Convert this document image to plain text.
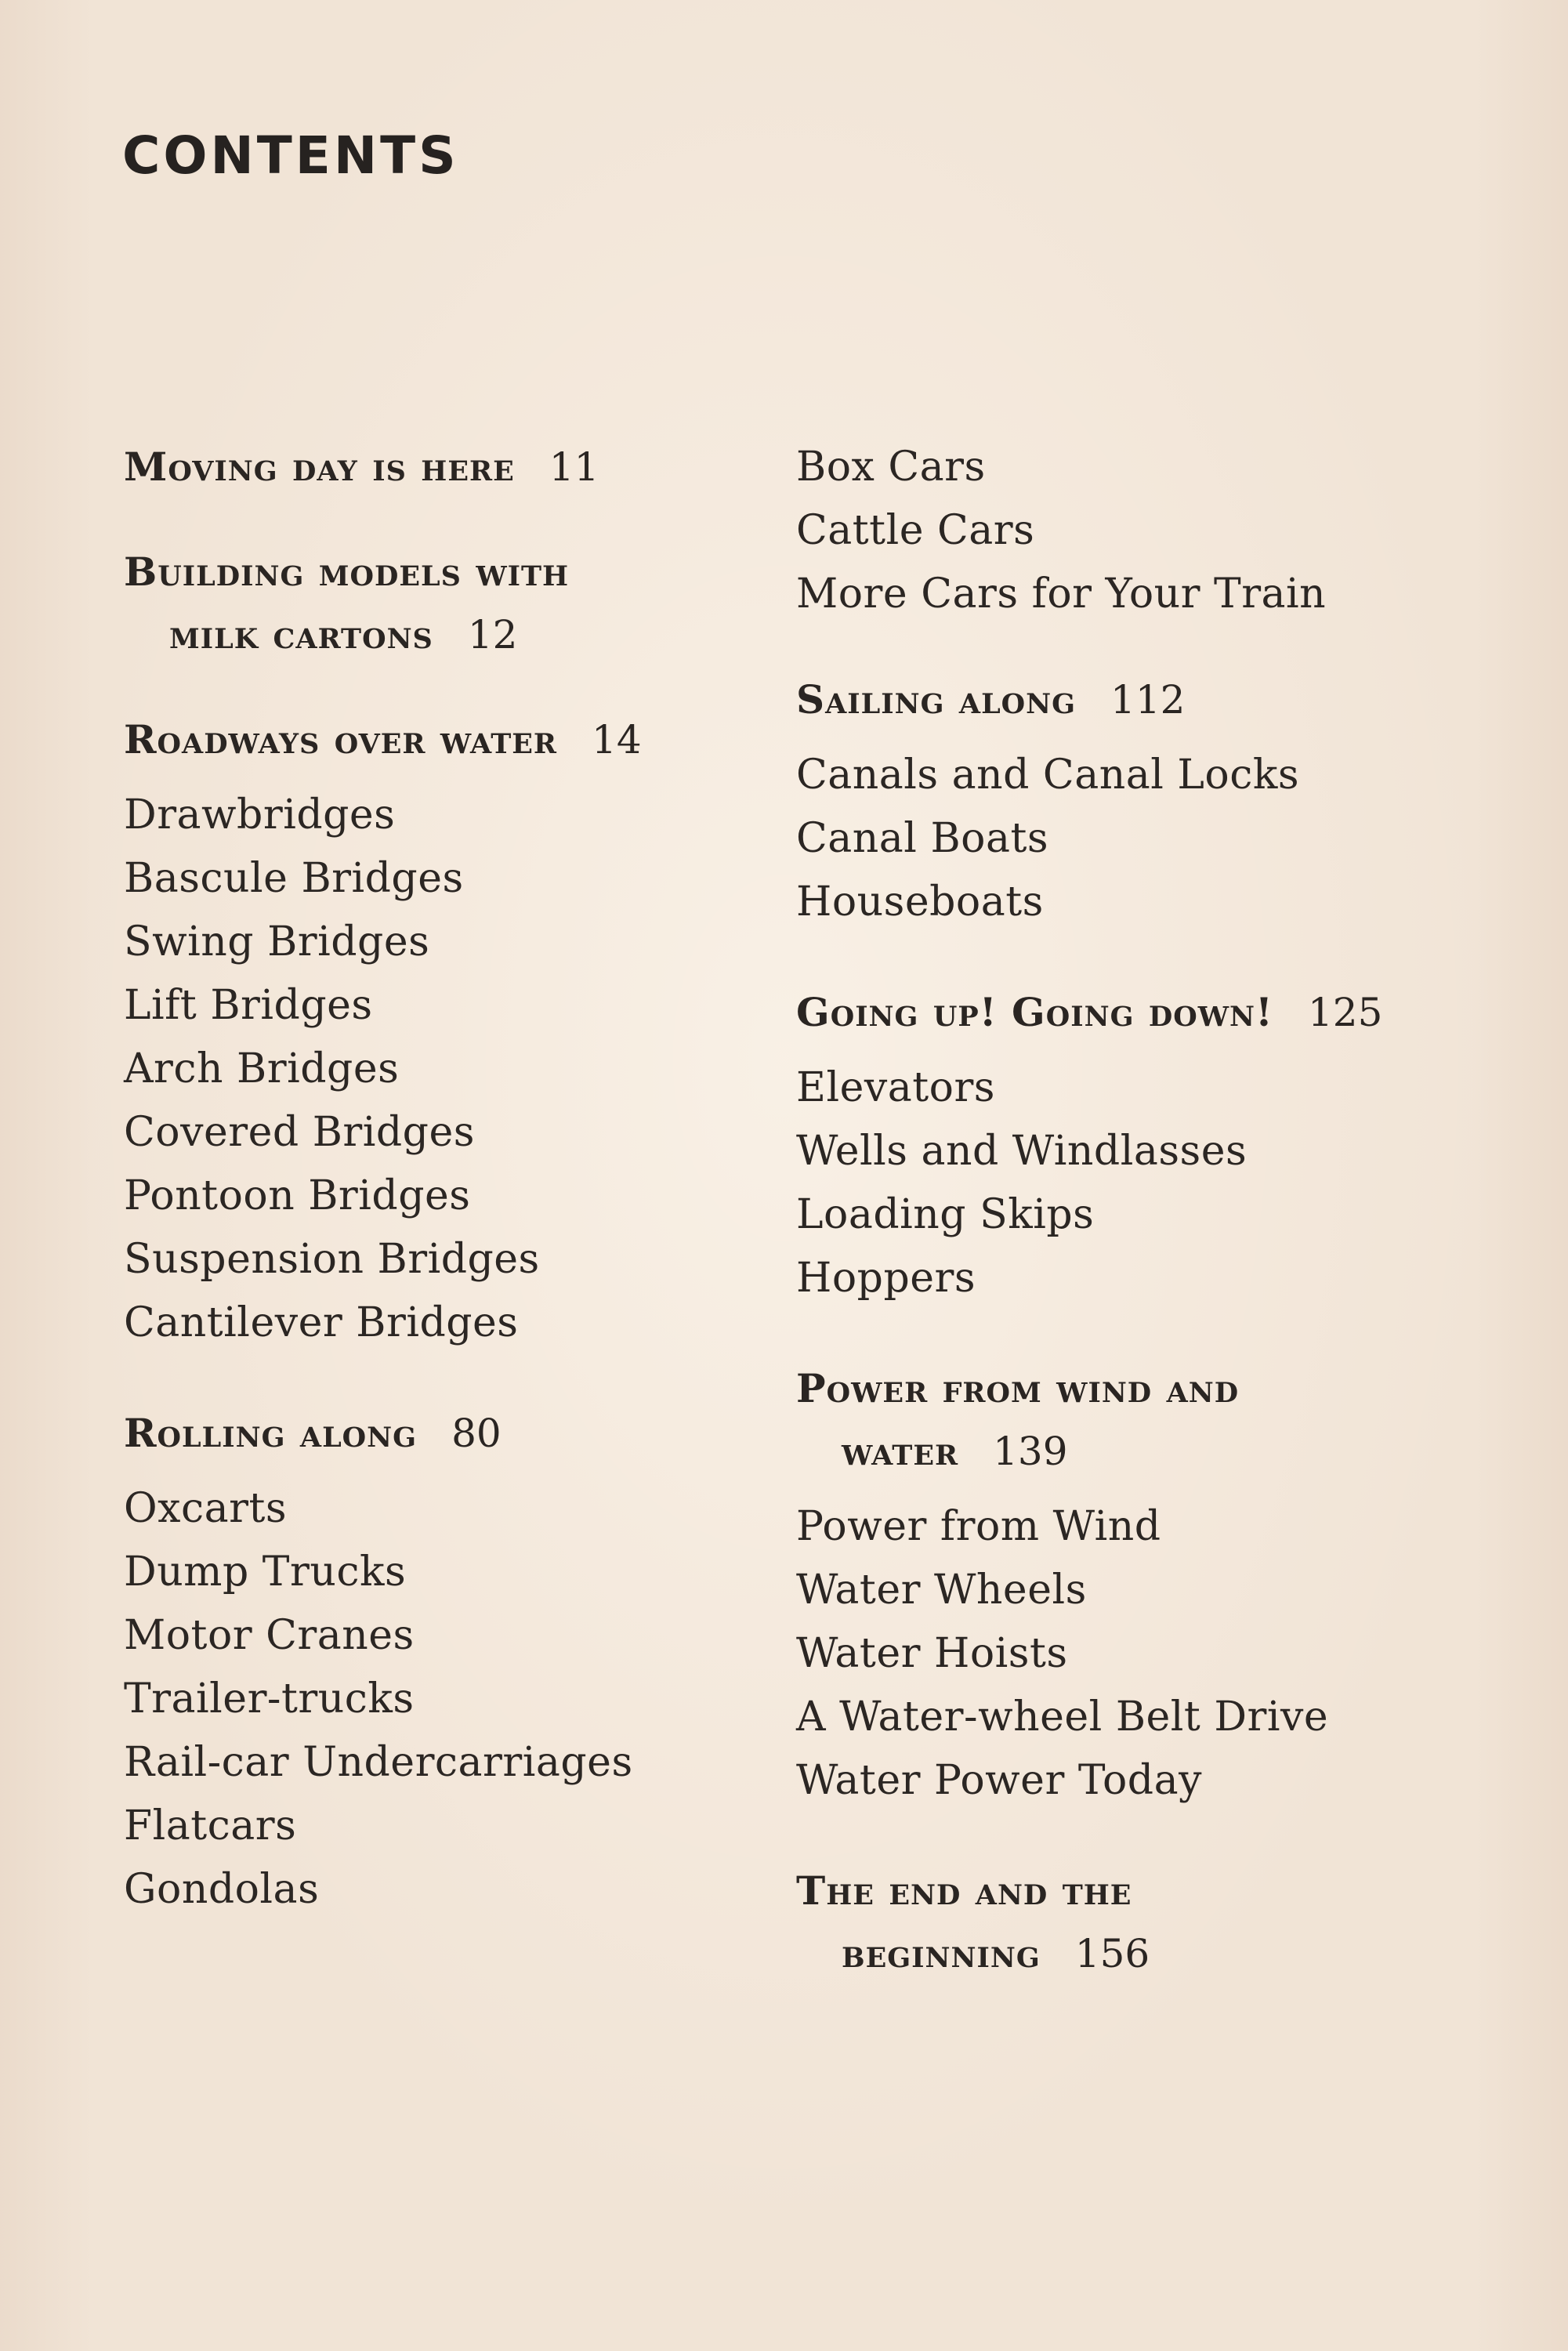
CONTENTS

Moving day is here 11

Building models with

milk cartons 12

Roadways over water 14

Drawbridges
Bascule Bridges
Swing Bridges
Lift Bridges
Arch Bridges
Covered Bridges
Pontoon Bridges
Suspension Bridges
Cantilever Bridges

Rolling along 80

Oxcarts
Dump Trucks
Motor Cranes
Trailer-trucks
Rail-car Undercarriages
Flatcars
Gondolas
Box Cars
Cattle Cars
More Cars for Your Train

Sailing along 112

Canals and Canal Locks
Canal Boats
Houseboats

Going up! Going down! 125

Elevators
Wells and Windlasses
Loading Skips
Hoppers

Power from wind and

water 139

Power from Wind
Water Wheels
Water Hoists
A Water-wheel Belt Drive
Water Power Today

The end and the

beginning 156
